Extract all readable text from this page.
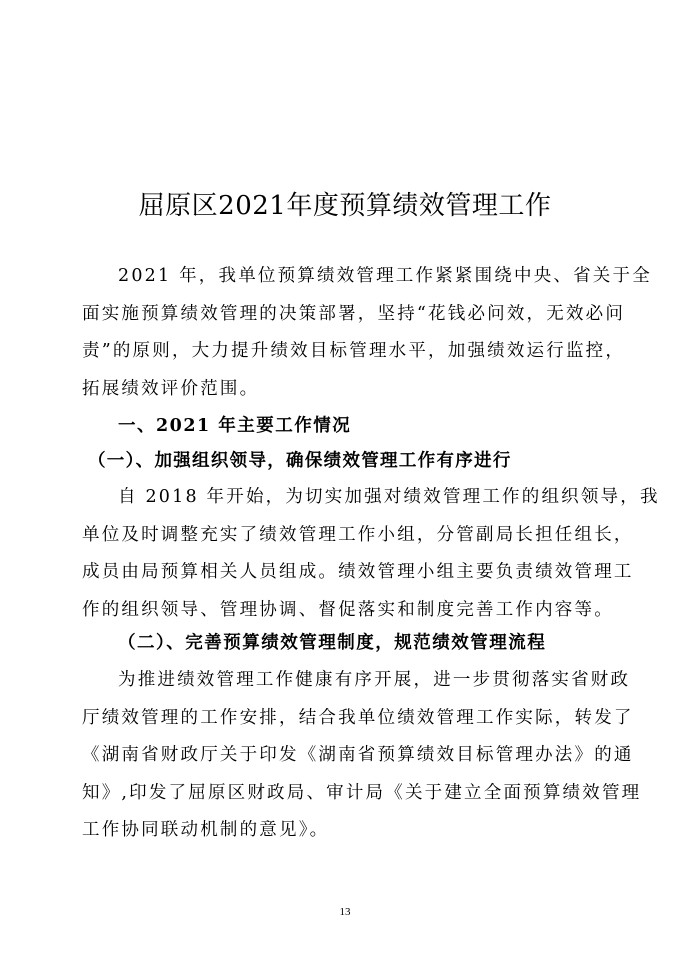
屈原区2021年度预算绩效管理工作
2021 年，我单位预算绩效管理工作紧紧围绕中央、省关于全
面实施预算绩效管理的决策部署，坚持“花钱必问效，无效必问
责”的原则，大力提升绩效目标管理水平，加强绩效运行监控，
拓展绩效评价范围。
一、2021 年主要工作情况
（一）、加强组织领导，确保绩效管理工作有序进行
自 2018 年开始，为切实加强对绩效管理工作的组织领导，我
单位及时调整充实了绩效管理工作小组，分管副局长担任组长，
成员由局预算相关人员组成。绩效管理小组主要负责绩效管理工
作的组织领导、管理协调、督促落实和制度完善工作内容等。
（二）、完善预算绩效管理制度，规范绩效管理流程
为推进绩效管理工作健康有序开展，进一步贯彻落实省财政
厅绩效管理的工作安排，结合我单位绩效管理工作实际，转发了
《湖南省财政厅关于印发《湖南省预算绩效目标管理办法》的通
知》,印发了屈原区财政局、审计局《关于建立全面预算绩效管理
工作协同联动机制的意见》。
13
